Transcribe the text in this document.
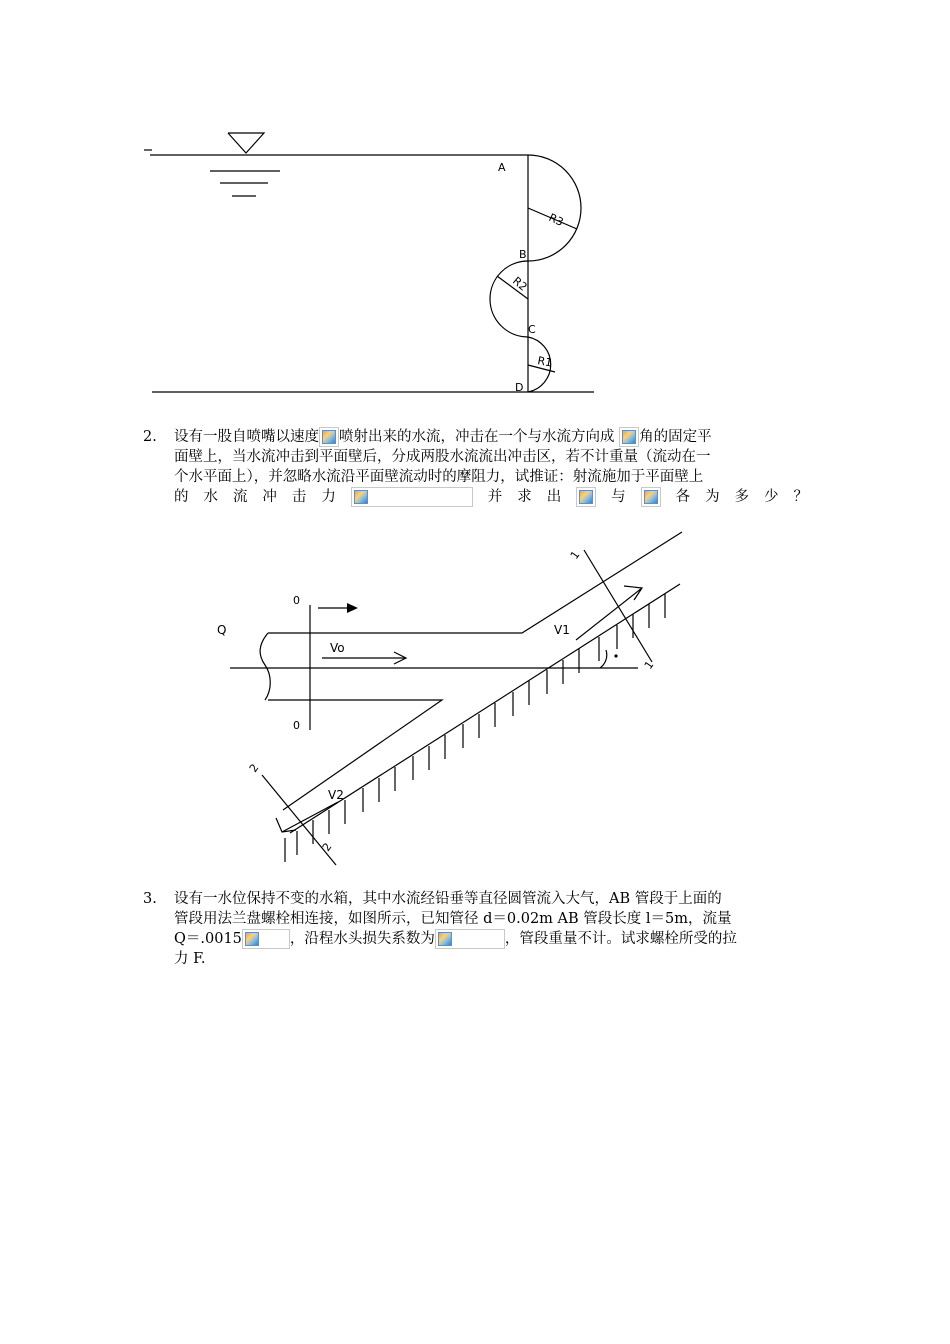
A
B
C
D
R3
R2
R1
2. 设有一股自喷嘴以速度 喷射出来的水流，冲击在一个与水流方向成 角的固定平
面壁上，当水流冲击到平面壁后，分成两股水流流出冲击区，若不计重量（流动在一
个水平面上），并忽略水流沿平面壁流动时的摩阻力，试推证：射流施加于平面壁上
的 水 流 冲 击 力	并 求 出	与	各 为 多 少 ？
Q
Vo
V1
V2
0
0
1
1
2
2
3. 设有一水位保持不变的水箱，其中水流经铅垂等直径圆管流入大气，AB 管段于上面的
管段用法兰盘螺栓相连接，如图所示，已知管径 d＝0.02m AB 管段长度 l＝5m，流量
Q＝.0015	，沿程水头损失系数为	，管段重量不计。试求螺栓所受的拉
力 F.
